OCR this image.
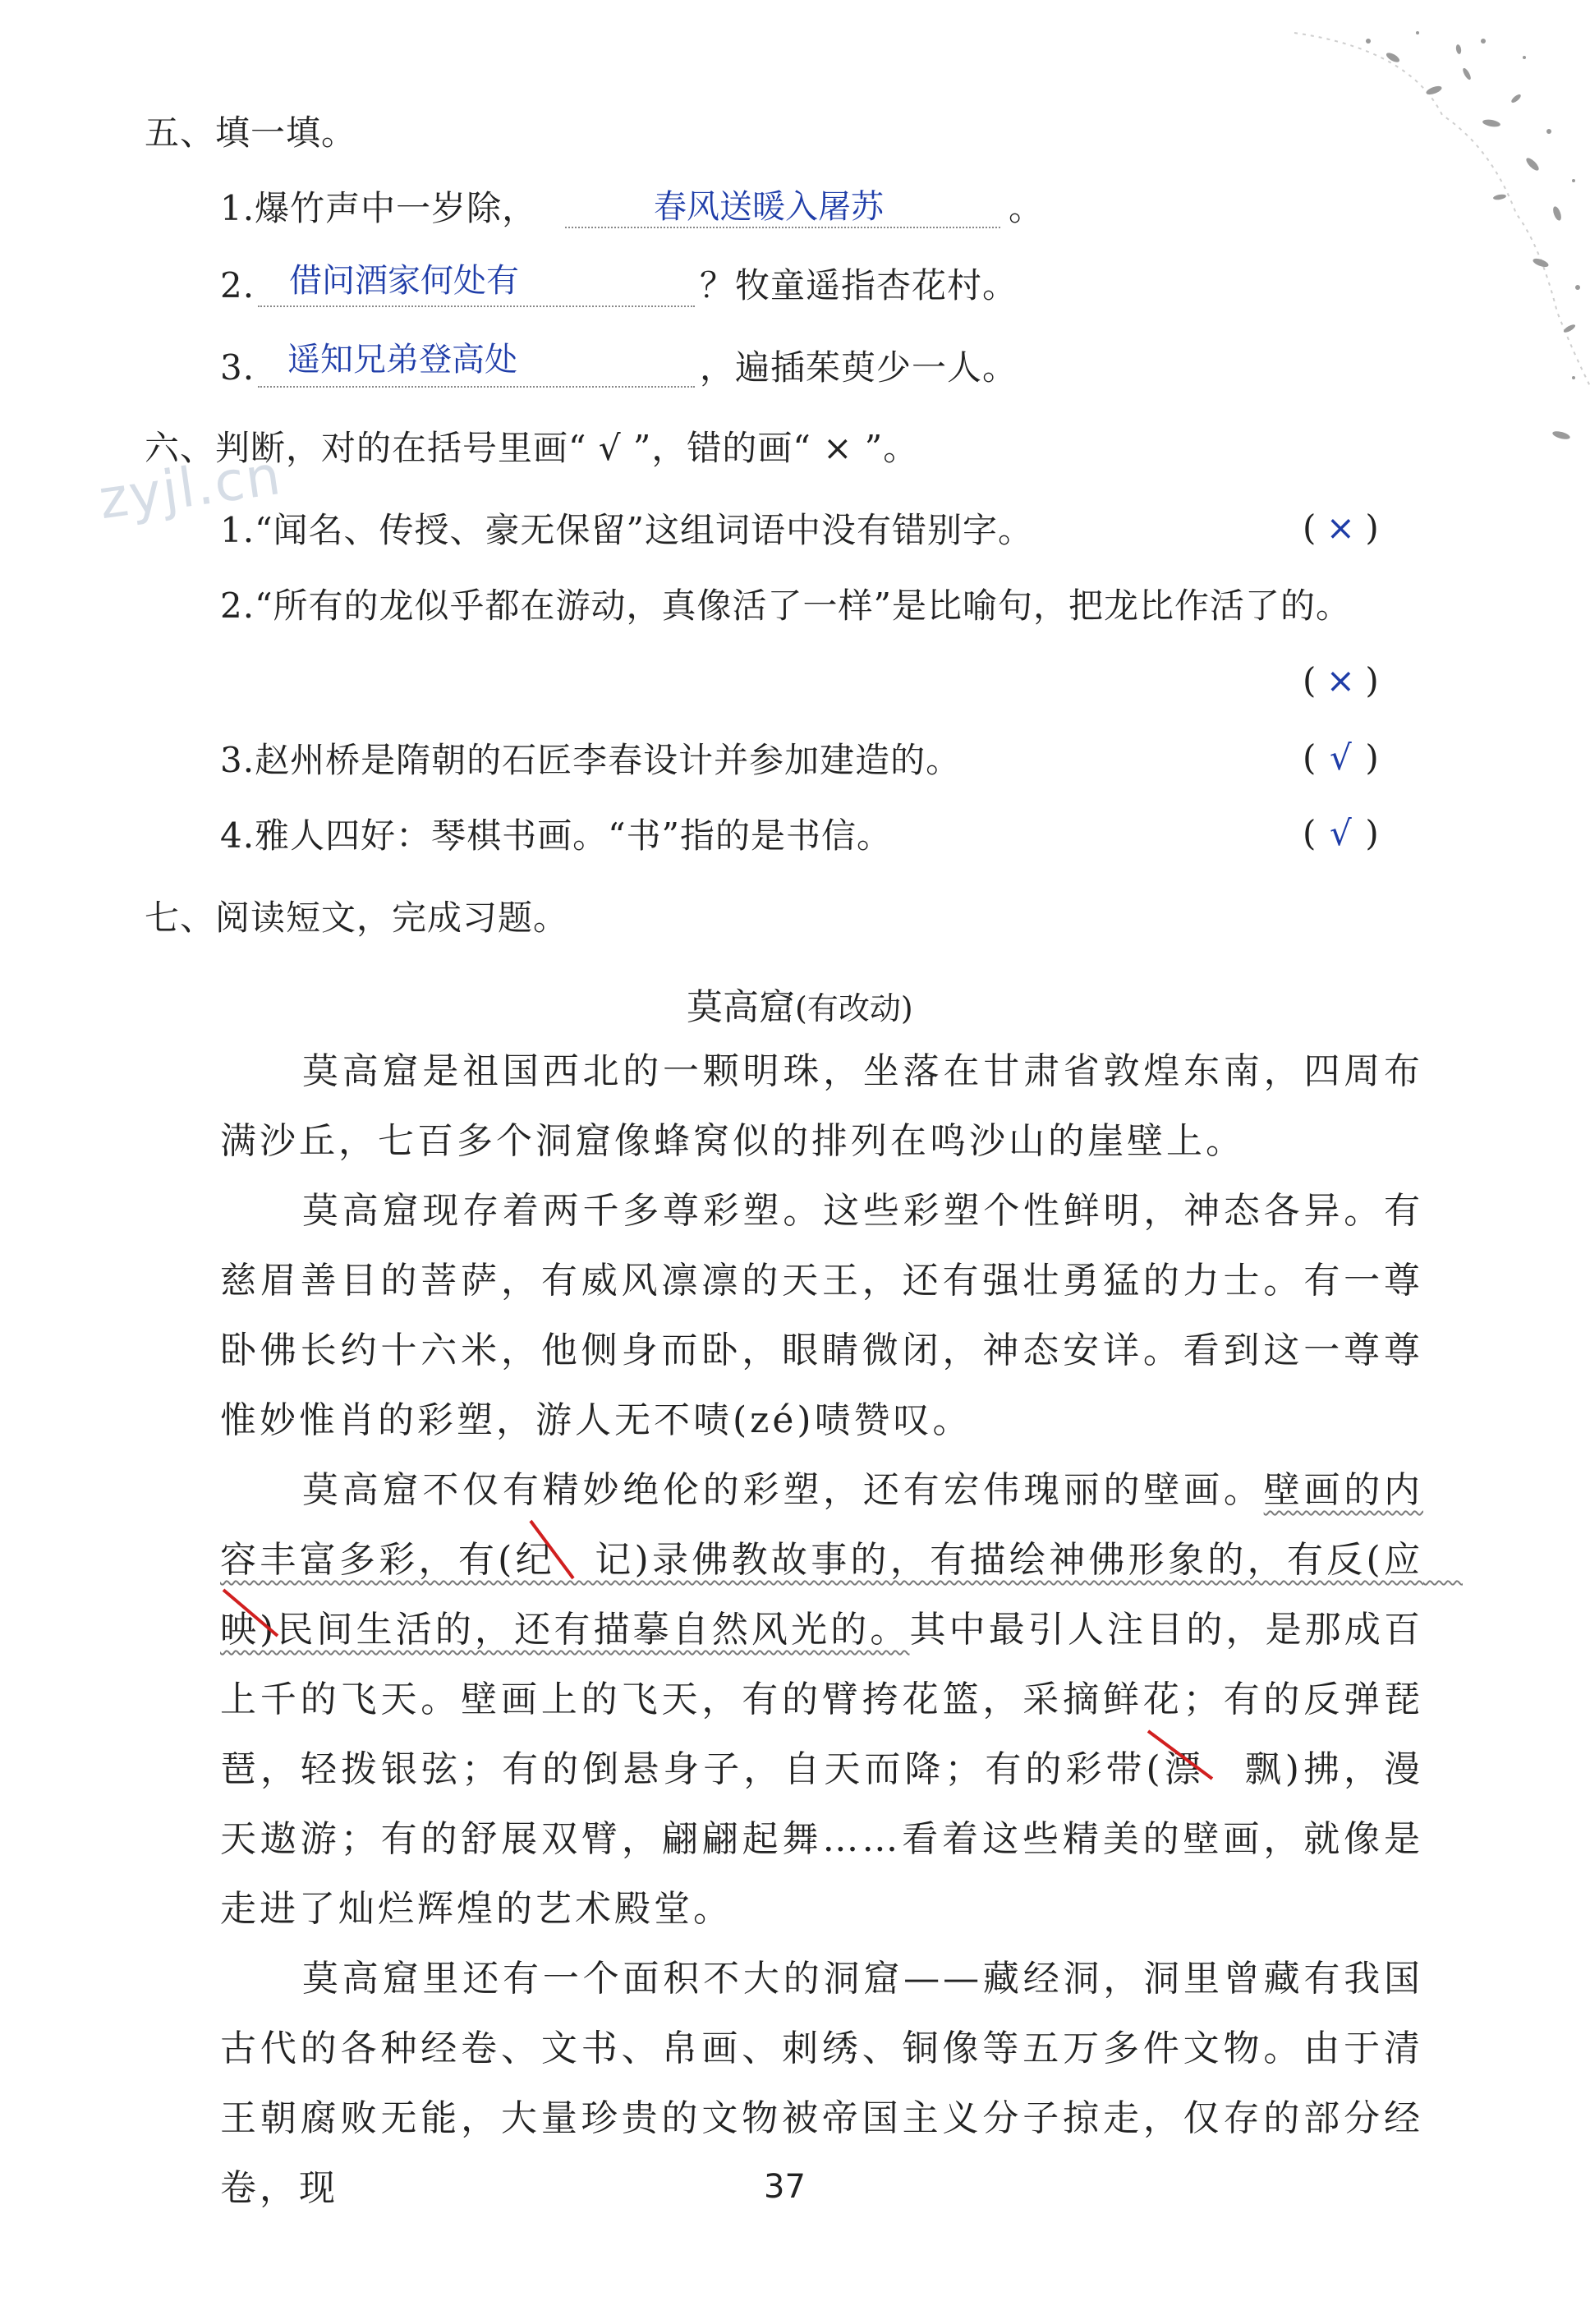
zyjl.cn
五、填一填。
1.爆竹声中一岁除，	春风送暖入屠苏	。
2. 借问酒家何处有	？牧童遥指杏花村。
3. 遥知兄弟登高处	，遍插茱萸少一人。
六、判断，对的在括号里画“ √ ”，错的画“ × ”。
1.“闻名、传授、豪无保留”这组词语中没有错别字。	( × )
2.“所有的龙似乎都在游动，真像活了一样”是比喻句，把龙比作活了的。
( × )
3.赵州桥是隋朝的石匠李春设计并参加建造的。	( √ )
4.雅人四好：琴棋书画。“书”指的是书信。	( √ )
七、阅读短文，完成习题。
莫高窟(有改动)
莫高窟是祖国西北的一颗明珠，坐落在甘肃省敦煌东南，四周布满沙丘，七百多个洞窟像蜂窝似的排列在鸣沙山的崖壁上。
莫高窟现存着两千多尊彩塑。这些彩塑个性鲜明，神态各异。有慈眉善目的菩萨，有威风凛凛的天王，还有强壮勇猛的力士。有一尊卧佛长约十六米，他侧身而卧，眼睛微闭，神态安详。看到这一尊尊惟妙惟肖的彩塑，游人无不啧(zé)啧赞叹。
莫高窟不仅有精妙绝伦的彩塑，还有宏伟瑰丽的壁画。壁画的内容丰富多彩，有(纪　记)录佛教故事的，有描绘神佛形象的，有反(应　映)民间生活的，还有描摹自然风光的。其中最引人注目的，是那成百上千的飞天。壁画上的飞天，有的臂挎花篮，采摘鲜花；有的反弹琵琶，轻拨银弦；有的倒悬身子，自天而降；有的彩带(漂　飘)拂，漫天遨游；有的舒展双臂，翩翩起舞……看着这些精美的壁画，就像是走进了灿烂辉煌的艺术殿堂。
莫高窟里还有一个面积不大的洞窟——藏经洞，洞里曾藏有我国古代的各种经卷、文书、帛画、刺绣、铜像等五万多件文物。由于清王朝腐败无能，大量珍贵的文物被帝国主义分子掠走，仅存的部分经卷，现	37
